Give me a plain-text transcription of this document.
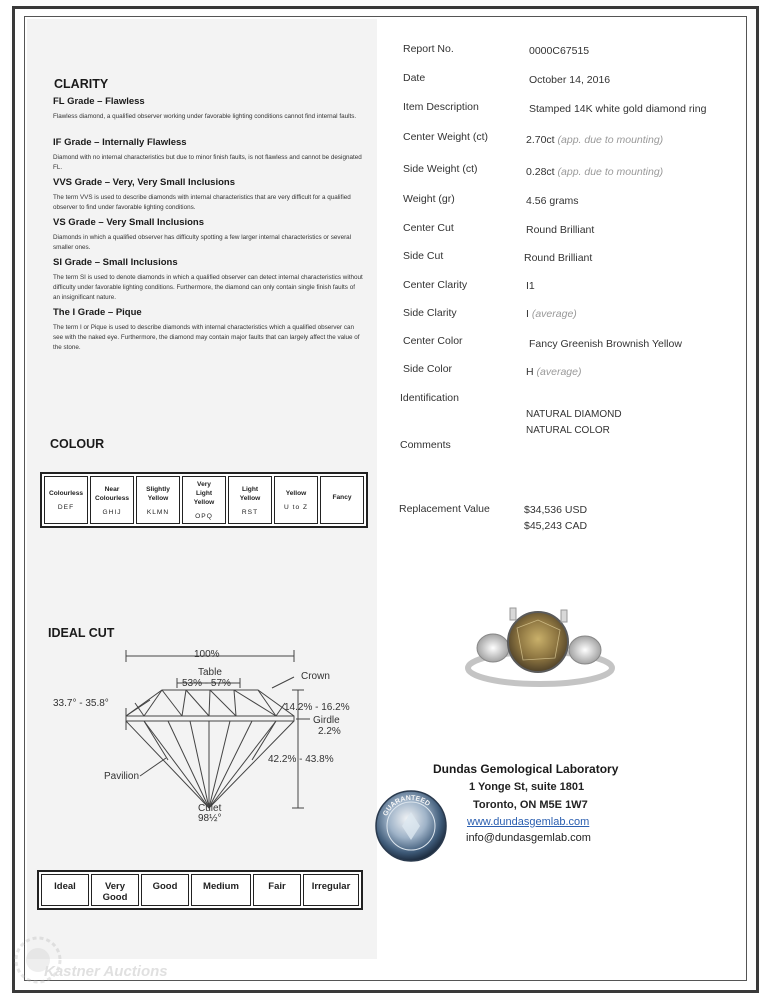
CLARITY
FL Grade – Flawless
Flawless diamond, a qualified observer working under favorable lighting conditions cannot find internal faults.
IF Grade – Internally Flawless
Diamond with no internal characteristics but due to minor finish faults, is not flawless and cannot be designated FL.
VVS Grade – Very, Very Small Inclusions
The term VVS is used to describe diamonds with internal characteristics that are very difficult for a qualified observer to find under favorable lighting conditions.
VS Grade – Very Small Inclusions
Diamonds in which a qualified observer has difficulty spotting a few larger internal characteristics or several smaller ones.
SI Grade – Small Inclusions
The term SI is used to denote diamonds in which a qualified observer can detect internal characteristics without difficulty under favorable lighting conditions. Furthermore, the diamond can only contain single finish faults of an insignificant nature.
The I Grade – Pique
The term I or Pique is used to describe diamonds with internal characteristics which a qualified observer can see with the naked eye. Furthermore, the diamond may contain major faults that can largely affect the value of the stone.
COLOUR
Colourless
DEF

Near
Colourless
GHIJ

Slightly
Yellow
KLMN

Very
Light
Yellow
OPQ

Light
Yellow
RST

Yellow
U to Z

Fancy
IDEAL CUT
100%
Table
53% - 57%
Crown
33.7° - 35.8°	14.2% - 16.2%
Girdle
2.2%
42.2% - 43.8%
Pavilion
Culet
98½°
Ideal	Very
Good	Good	Medium	Fair	Irregular
Report No.	0000C67515
Date	October 14, 2016
Item Description	Stamped 14K white gold diamond ring
Center Weight (ct)	2.70ct (app. due to mounting)
Side Weight (ct)	0.28ct (app. due to mounting)
Weight (gr)	4.56 grams
Center Cut	Round Brilliant
Side Cut	Round Brilliant
Center Clarity	I1
Side Clarity	I (average)
Center Color	Fancy Greenish Brownish Yellow
Side Color	H (average)
Identification
NATURAL DIAMOND
NATURAL COLOR
Comments
Replacement Value	$34,536 USD
$45,243 CAD
Dundas Gemological Laboratory
1 Yonge St, suite 1801
Toronto, ON M5E 1W7
www.dundasgemlab.com
info@dundasgemlab.com
GUARANTEED
Kastner Auctions
